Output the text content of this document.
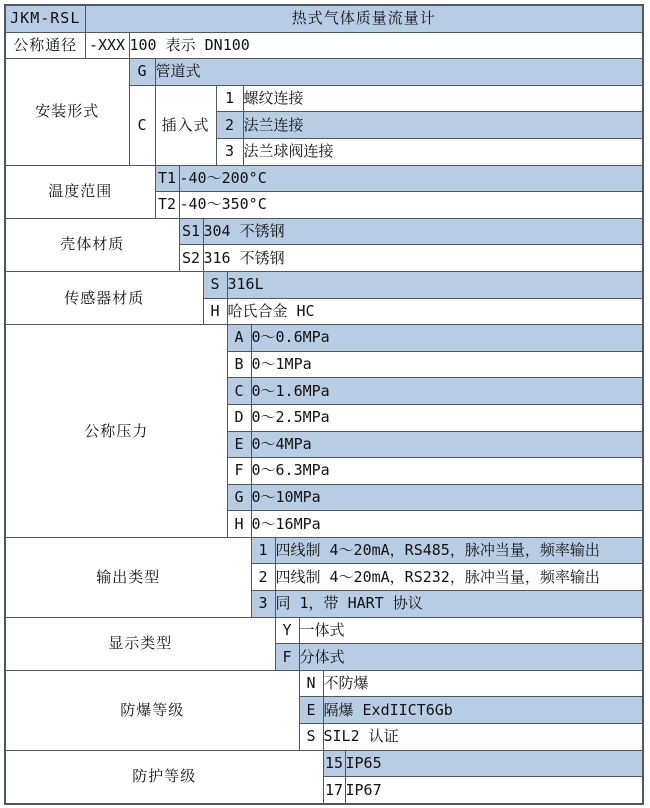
JKM-RSL	热式气体质量流量计												
公称通径	-XXX	100 表示 DN100											
安装形式		G	管道式										
		C	插入式			1		螺纹连接					
						2		法兰连接					
						3		法兰球阀连接					
温度范围			T1	-40～200°C									
			T2	-40～350°C									
壳体材质				S1	304 不锈钢								
				S2	316 不锈钢								
传感器材质					S		316L						
					H		哈氏合金 HC						
公称压力							A		0～0.6MPa				
							B		0～1MPa				
							C		0～1.6MPa				
							D		0～2.5MPa				
							E		0～4MPa				
							F		0～6.3MPa				
							G		0～10MPa				
							H		0～16MPa				
输出类型									1	四线制 4～20mA，RS485，脉冲当量，频率输出			
									2	四线制 4～20mA，RS232，脉冲当量，频率输出			
									3	同 1，带 HART 协议			
显示类型										Y	一体式		
										F	分体式		
防爆等级											N	不防爆	
											E	隔爆 ExdIICT6Gb	
											S	SIL2 认证	
防护等级												15	IP65
												17	IP67
